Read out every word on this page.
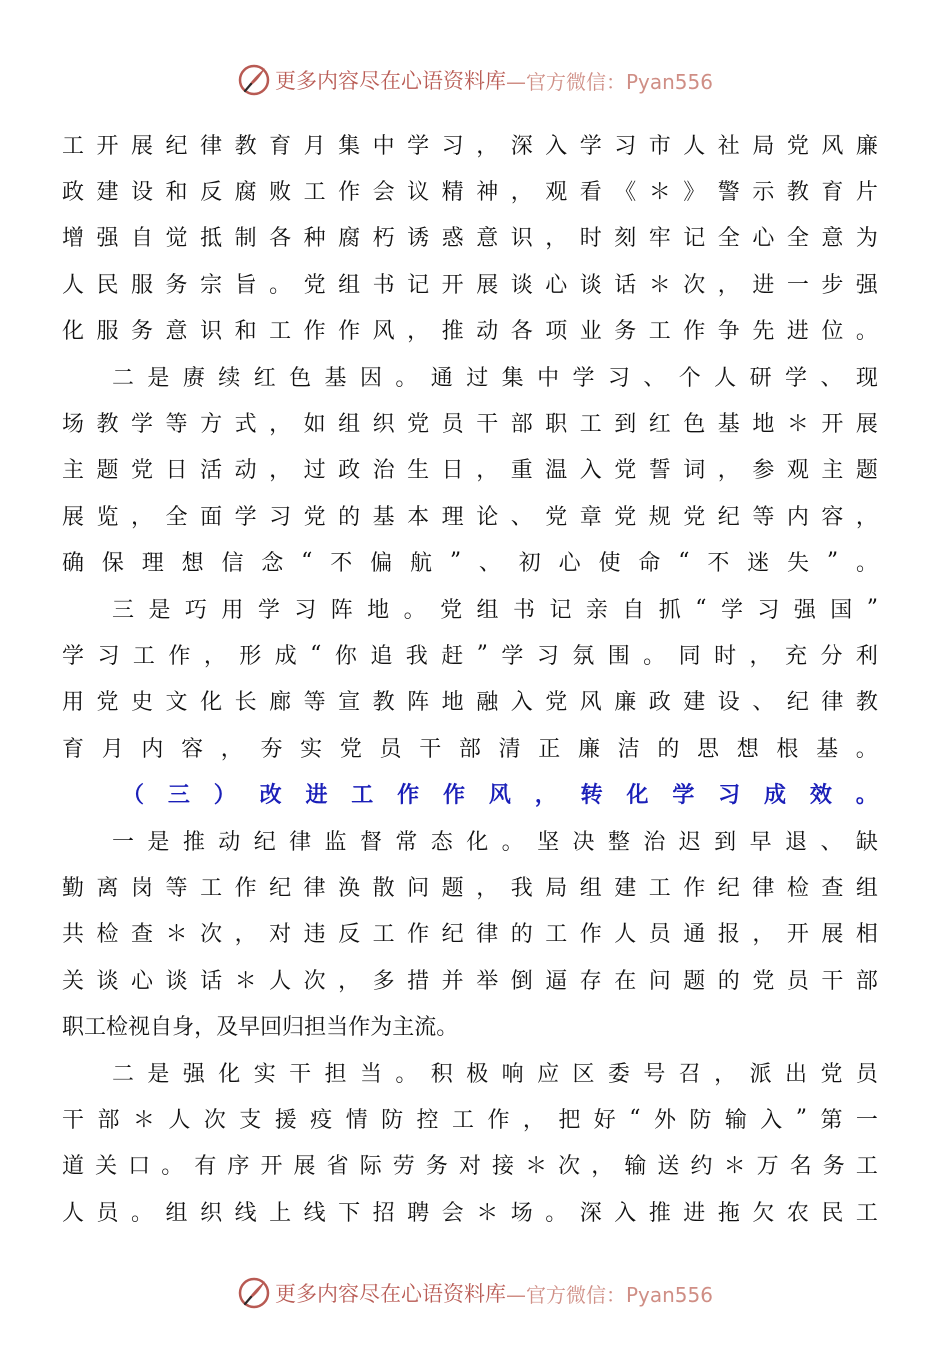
更多内容尽在心语资料库 —官方微信：Pyan556
工 开 展 纪 律 教 育 月 集 中 学 习 ， 深 入 学 习 市 人 社 局 党 风 廉
政 建 设 和 反 腐 败 工 作 会 议 精 神 ， 观 看 《 ＊ 》 警 示 教 育 片
增 强 自 觉 抵 制 各 种 腐 朽 诱 惑 意 识 ， 时 刻 牢 记 全 心 全 意 为
人 民 服 务 宗 旨 。 党 组 书 记 开 展 谈 心 谈 话 ＊ 次 ， 进 一 步 强
化 服 务 意 识 和 工 作 作 风 ， 推 动 各 项 业 务 工 作 争 先 进 位 。
二 是 赓 续 红 色 基 因 。 通 过 集 中 学 习 、 个 人 研 学 、 现
场 教 学 等 方 式 ， 如 组 织 党 员 干 部 职 工 到 红 色 基 地 ＊ 开 展
主 题 党 日 活 动 ， 过 政 治 生 日 ， 重 温 入 党 誓 词 ， 参 观 主 题
展 览 ， 全 面 学 习 党 的 基 本 理 论 、 党 章 党 规 党 纪 等 内 容 ，
确 保 理 想 信 念 “ 不 偏 航 ” 、 初 心 使 命 “ 不 迷 失 ” 。
三 是 巧 用 学 习 阵 地 。 党 组 书 记 亲 自 抓 “ 学 习 强 国 ”
学 习 工 作 ， 形 成 “ 你 追 我 赶 ” 学 习 氛 围 。 同 时 ， 充 分 利
用 党 史 文 化 长 廊 等 宣 教 阵 地 融 入 党 风 廉 政 建 设 、 纪 律 教
育 月 内 容 ， 夯 实 党 员 干 部 清 正 廉 洁 的 思 想 根 基 。
（ 三 ） 改 进 工 作 作 风 ， 转 化 学 习 成 效 。
一 是 推 动 纪 律 监 督 常 态 化 。 坚 决 整 治 迟 到 早 退 、 缺
勤 离 岗 等 工 作 纪 律 涣 散 问 题 ， 我 局 组 建 工 作 纪 律 检 查 组
共 检 查 ＊ 次 ， 对 违 反 工 作 纪 律 的 工 作 人 员 通 报 ， 开 展 相
关 谈 心 谈 话 ＊ 人 次 ， 多 措 并 举 倒 逼 存 在 问 题 的 党 员 干 部
职 工 检 视 自 身 ， 及 早 回 归 担 当 作 为 主 流 。
二 是 强 化 实 干 担 当 。 积 极 响 应 区 委 号 召 ， 派 出 党 员
干 部 ＊ 人 次 支 援 疫 情 防 控 工 作 ， 把 好 “ 外 防 输 入 ” 第 一
道 关 口 。 有 序 开 展 省 际 劳 务 对 接 ＊ 次 ， 输 送 约 ＊ 万 名 务 工
人 员 。 组 织 线 上 线 下 招 聘 会 ＊ 场 。 深 入 推 进 拖 欠 农 民 工
更多内容尽在心语资料库 —官方微信：Pyan556
